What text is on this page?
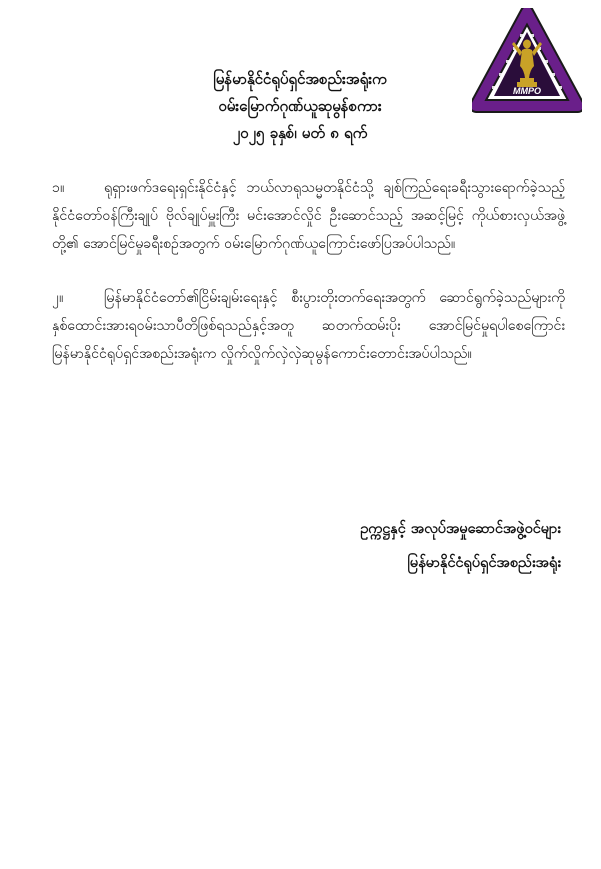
MMPO
မြန်မာနိုင်ငံရုပ်ရှင်အစည်းအရုံးက
ဝမ်းမြောက်ဂုဏ်ယူဆုမွန်စကား
၂၀၂၅ ခုနှစ်၊ မတ် ၈ ရက်
၁။	ရုရှားဖက်ဒရေးရှင်းနိုင်ငံနှင့် ဘယ်လာရုသမ္မတနိုင်ငံသို့ ချစ်ကြည်ရေးခရီးသွားရောက်ခဲ့သည့် နိုင်ငံတော်ဝန်ကြီးချုပ် ဗိုလ်ချုပ်မှူးကြီး မင်းအောင်လှိုင် ဦးဆောင်သည့် အဆင့်မြင့် ကိုယ်စားလှယ်အဖွဲ့တို့၏ အောင်မြင်မှုခရီးစဉ်အတွက် ဝမ်းမြောက်ဂုဏ်ယူကြောင်းဖော်ပြအပ်ပါသည်။
၂။	မြန်မာနိုင်ငံတော်၏ငြိမ်းချမ်းရေးနှင့် စီးပွားတိုးတက်ရေးအတွက် ဆောင်ရွက်ခဲ့သည်များကို နှစ်ထောင်းအားရဝမ်းသာပီတိဖြစ်ရသည်နှင့်အတူ ဆတက်ထမ်းပိုး အောင်မြင်မှုရပါစေကြောင်း မြန်မာနိုင်ငံရုပ်ရှင်အစည်းအရုံးက လှိုက်လှိုက်လှဲလှဲဆုမွန်ကောင်းတောင်းအပ်ပါသည်။
ဥက္ကဋ္ဌနှင့် အလုပ်အမှုဆောင်အဖွဲ့ဝင်များ
မြန်မာနိုင်ငံရုပ်ရှင်အစည်းအရုံး
